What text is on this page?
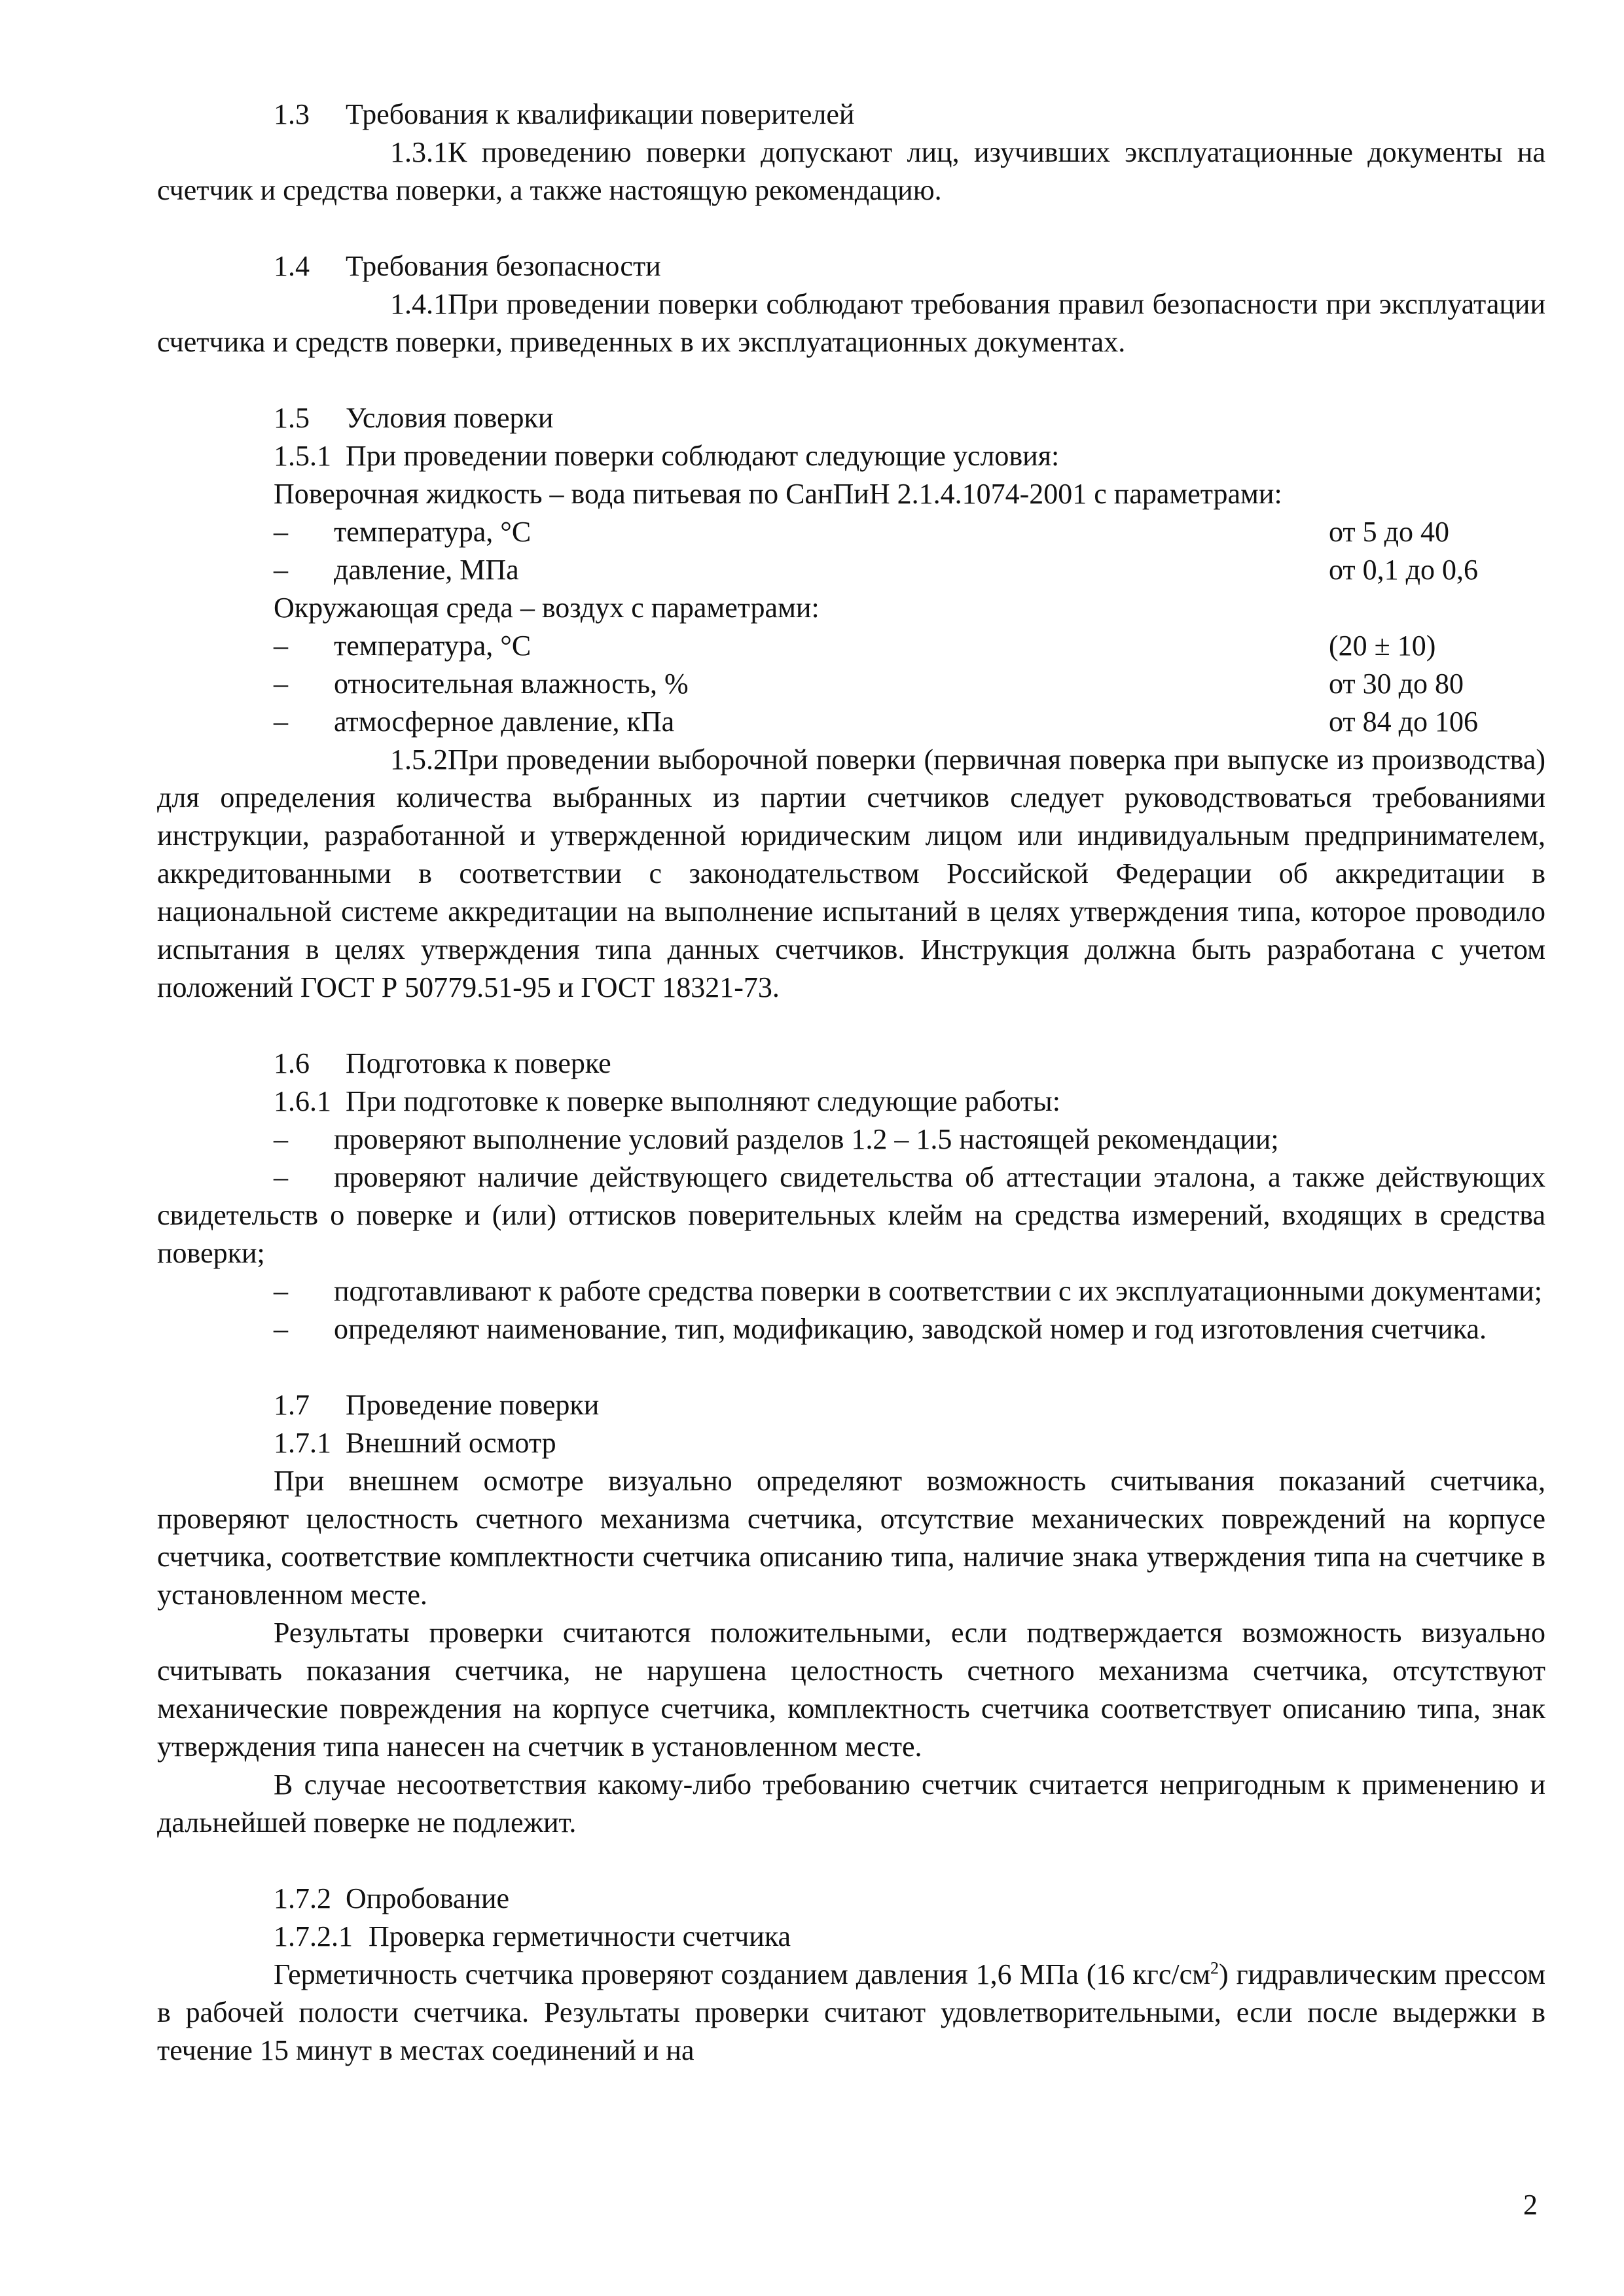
1.3 Требования к квалификации поверителей

1.3.1К проведению поверки допускают лиц, изучивших эксплуатационные документы на счетчик и средства поверки, а также настоящую рекомендацию.

1.4 Требования безопасности

1.4.1При проведении поверки соблюдают требования правил безопасности при эксплуатации счетчика и средств поверки, приведенных в их эксплуатационных документах.

1.5 Условия поверки

1.5.1 При проведении поверки соблюдают следующие условия:

Поверочная жидкость – вода питьевая по СанПиН 2.1.4.1074-2001 с параметрами:

–	температура, °С	от 5 до 40
–	давление, МПа	от 0,1 до 0,6

Окружающая среда – воздух с параметрами:

–	температура, °С	(20 ± 10)
–	относительная влажность, %	от 30 до 80
–	атмосферное давление, кПа	от 84 до 106

1.5.2При проведении выборочной поверки (первичная поверка при выпуске из производства) для определения количества выбранных из партии счетчиков следует руководствоваться требованиями инструкции, разработанной и утвержденной юридическим лицом или индивидуальным предпринимателем, аккредитованными в соответствии с законодательством Российской Федерации об аккредитации в национальной системе аккредитации на выполнение испытаний в целях утверждения типа, которое проводило испытания в целях утверждения типа данных счетчиков. Инструкция должна быть разработана с учетом положений ГОСТ Р 50779.51-95 и ГОСТ 18321-73.

1.6 Подготовка к поверке

1.6.1 При подготовке к поверке выполняют следующие работы:

– проверяют выполнение условий разделов 1.2 – 1.5 настоящей рекомендации;

– проверяют наличие действующего свидетельства об аттестации эталона, а также действующих свидетельств о поверке и (или) оттисков поверительных клейм на средства измерений, входящих в средства поверки;

– подготавливают к работе средства поверки в соответствии с их эксплуатационными документами;

– определяют наименование, тип, модификацию, заводской номер и год изготовления счетчика.

1.7 Проведение поверки

1.7.1 Внешний осмотр

При внешнем осмотре визуально определяют возможность считывания показаний счетчика, проверяют целостность счетного механизма счетчика, отсутствие механических повреждений на корпусе счетчика, соответствие комплектности счетчика описанию типа, наличие знака утверждения типа на счетчике в установленном месте.

Результаты проверки считаются положительными, если подтверждается возможность визуально считывать показания счетчика, не нарушена целостность счетного механизма счетчика, отсутствуют механические повреждения на корпусе счетчика, комплектность счетчика соответствует описанию типа, знак утверждения типа нанесен на счетчик в установленном месте.

В случае несоответствия какому-либо требованию счетчик считается непригодным к применению и дальнейшей поверке не подлежит.

1.7.2 Опробование

1.7.2.1 Проверка герметичности счетчика

Герметичность счетчика проверяют созданием давления 1,6 МПа (16 кгс/$см^2$) гидравлическим прессом в рабочей полости счетчика. Результаты проверки считают удовлетворительными, если после выдержки в течение 15 минут в местах соединений и на

2
